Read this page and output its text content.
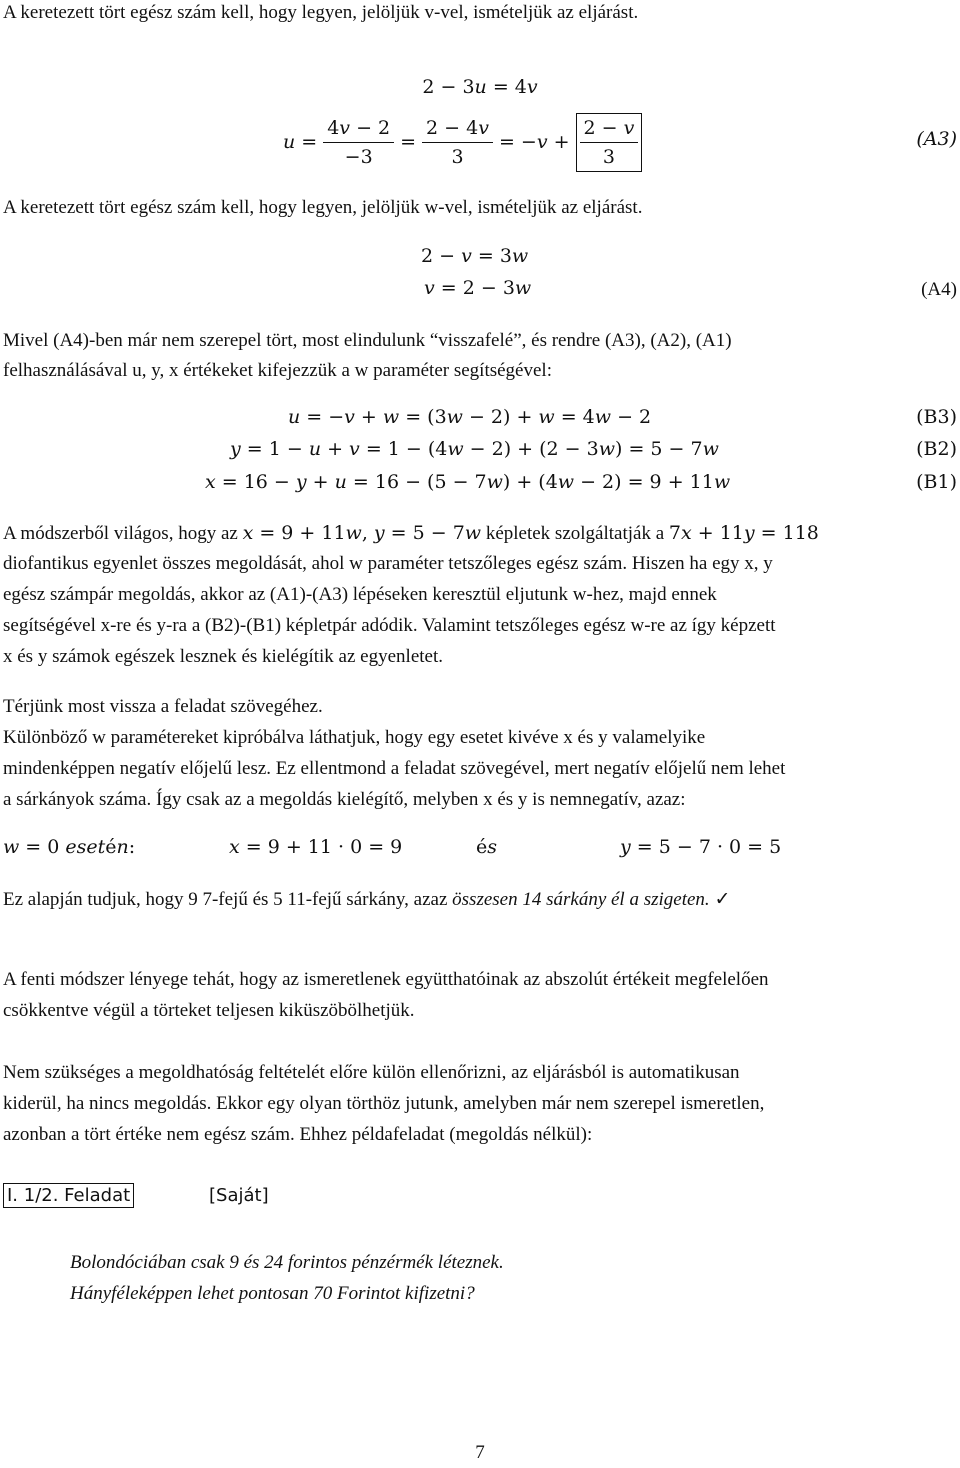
A keretezett tört egész szám kell, hogy legyen, jelöljük v-vel, ismételjük az eljárást.
2 − 3𝑢 = 4𝑣
𝑢 = $\frac{\text{4𝑣 − 2}}{-3} = \frac{\text{2 − 4𝑣}}{3}$ = −𝑣 + $\frac{\text{2 − 𝑣}}{3}$	(𝐴3)
A keretezett tört egész szám kell, hogy legyen, jelöljük w-vel, ismételjük az eljárást.
2 − 𝑣 = 3𝑤
𝑣 = 2 − 3𝑤	(A4)
Mivel (A4)-ben már nem szerepel tört, most elindulunk “visszafelé”, és rendre (A3), (A2), (A1)
felhasználásával u, y, x értékeket kifejezzük a w paraméter segítségével:
𝑢 = −𝑣 + 𝑤 = (3𝑤 − 2) + 𝑤 = 4𝑤 − 2	(B3)
𝑦 = 1 − 𝑢 + 𝑣 = 1 − (4𝑤 − 2) + (2 − 3𝑤) = 5 − 7𝑤	(B2)
𝑥 = 16 − 𝑦 + 𝑢 = 16 − (5 − 7𝑤) + (4𝑤 − 2) = 9 + 11𝑤	(B1)
A módszerből világos, hogy az 𝑥 = 9 + 11𝑤, 𝑦 = 5 − 7𝑤 képletek szolgáltatják a 7𝑥 + 11𝑦 = 118
diofantikus egyenlet összes megoldását, ahol w paraméter tetszőleges egész szám. Hiszen ha egy x, y
egész számpár megoldás, akkor az (A1)-(A3) lépéseken keresztül eljutunk w-hez, majd ennek
segítségével x-re és y-ra a (B2)-(B1) képletpár adódik. Valamint tetszőleges egész w-re az így képzett
x és y számok egészek lesznek és kielégítik az egyenletet.
Térjünk most vissza a feladat szövegéhez.
Különböző w paramétereket kipróbálva láthatjuk, hogy egy esetet kivéve x és y valamelyike
mindenképpen negatív előjelű lesz. Ez ellentmond a feladat szövegével, mert negatív előjelű nem lehet
a sárkányok száma. Így csak az a megoldás kielégítő, melyben x és y is nemnegatív, azaz:
𝑤 = 0 𝑒𝑠𝑒𝑡é𝑛:	𝑥 = 9 + 11 · 0 = 9	é𝑠	𝑦 = 5 − 7 · 0 = 5
Ez alapján tudjuk, hogy 9 7-fejű és 5 11-fejű sárkány, azaz összesen 14 sárkány él a szigeten. ✓
A fenti módszer lényege tehát, hogy az ismeretlenek együtthatóinak az abszolút értékeit megfelelően
csökkentve végül a törteket teljesen kiküszöbölhetjük.
Nem szükséges a megoldhatóság feltételét előre külön ellenőrizni, az eljárásból is automatikusan
kiderül, ha nincs megoldás. Ekkor egy olyan törthöz jutunk, amelyben már nem szerepel ismeretlen,
azonban a tört értéke nem egész szám. Ehhez példafeladat (megoldás nélkül):
I. 1/2. Feladat	[Saját]
Bolondóciában csak 9 és 24 forintos pénzérmék léteznek.
Hányféleképpen lehet pontosan 70 Forintot kifizetni?
7
